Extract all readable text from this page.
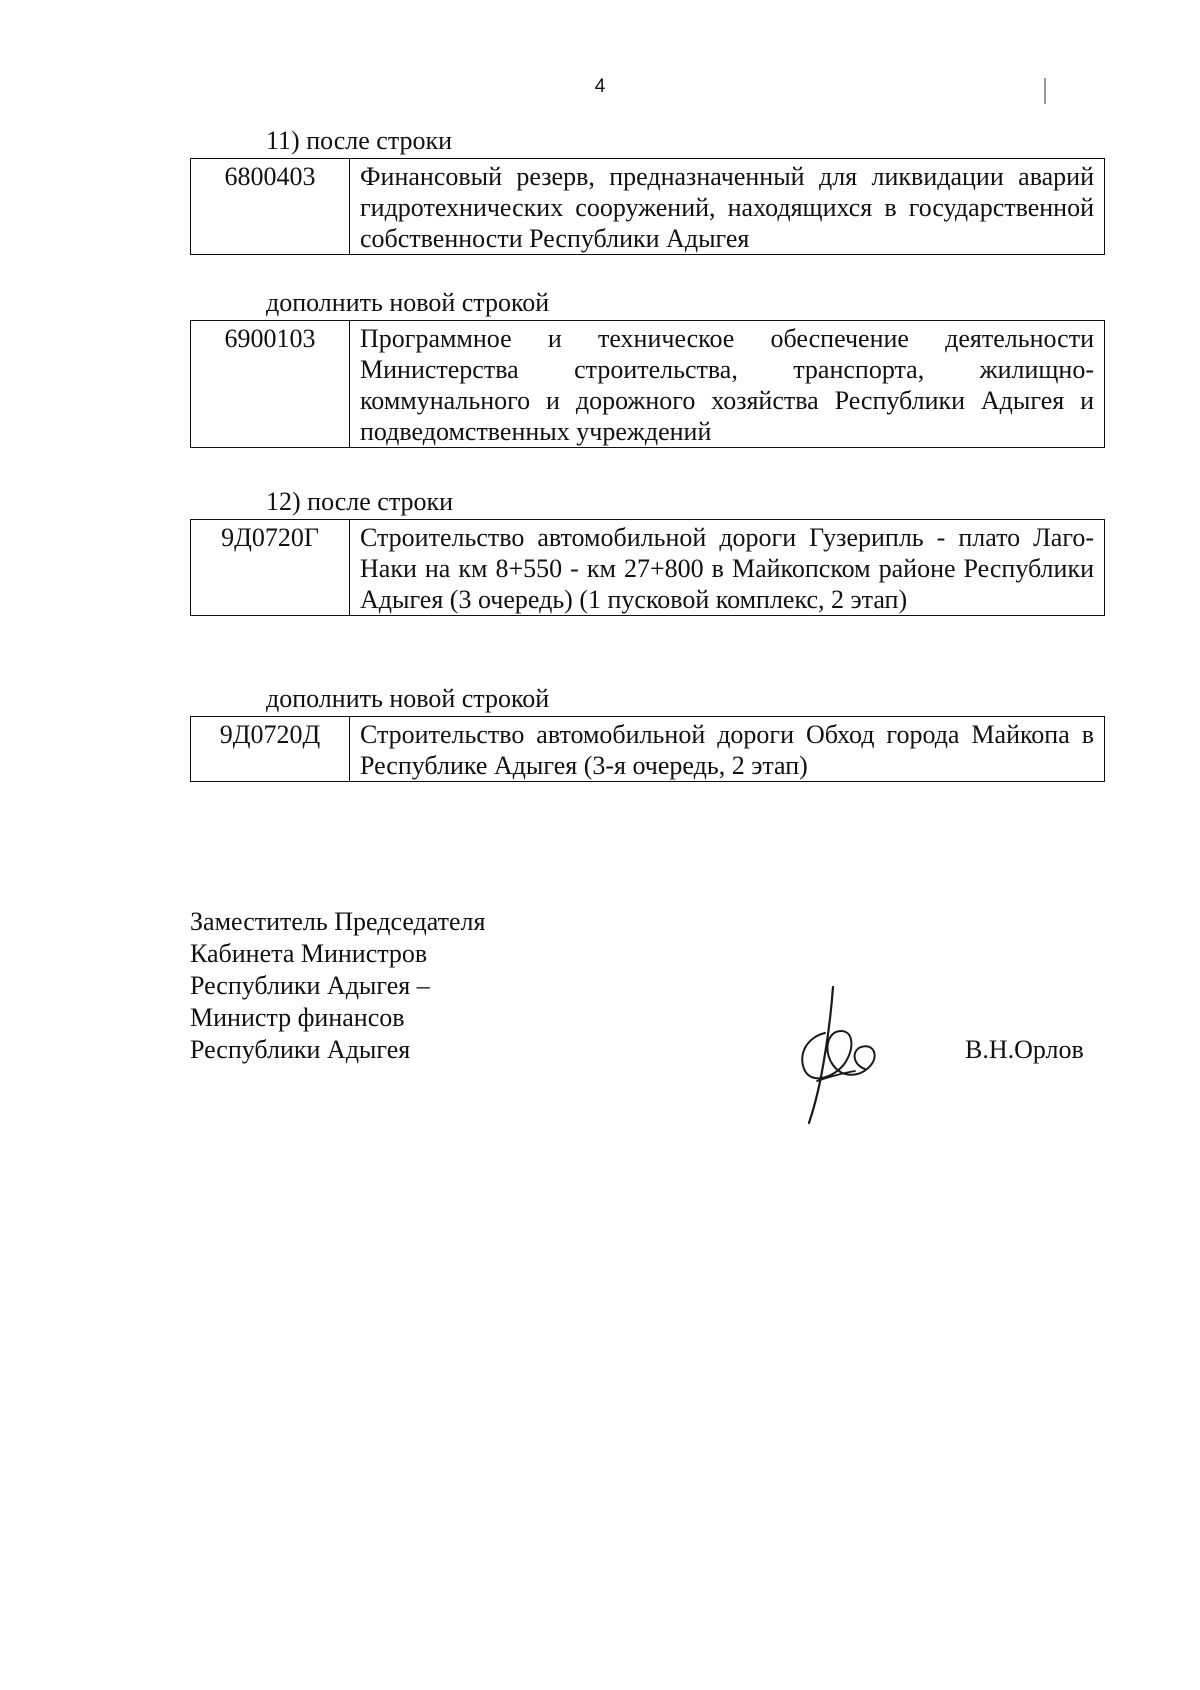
4
11) после строки
6800403	Финансовый резерв, предназначенный для ликвидации аварий гидротехнических сооружений, находящихся в государственной собственности Республики Адыгея
дополнить новой строкой
6900103	Программное и техническое обеспечение деятельности Министерства строительства, транспорта, жилищно-коммунального и дорожного хозяйства Республики Адыгея и подведомственных учреждений
12) после строки
9Д0720Г	Строительство автомобильной дороги Гузерипль - плато Лаго-Наки на км 8+550 - км 27+800 в Майкопском районе Республики Адыгея (3 очередь) (1 пусковой комплекс, 2 этап)
дополнить новой строкой
9Д0720Д	Строительство автомобильной дороги Обход города Майкопа в Республике Адыгея (3-я очередь, 2 этап)
Заместитель Председателя
Кабинета Министров
Республики Адыгея –
Министр финансов
Республики Адыгея	В.Н.Орлов
